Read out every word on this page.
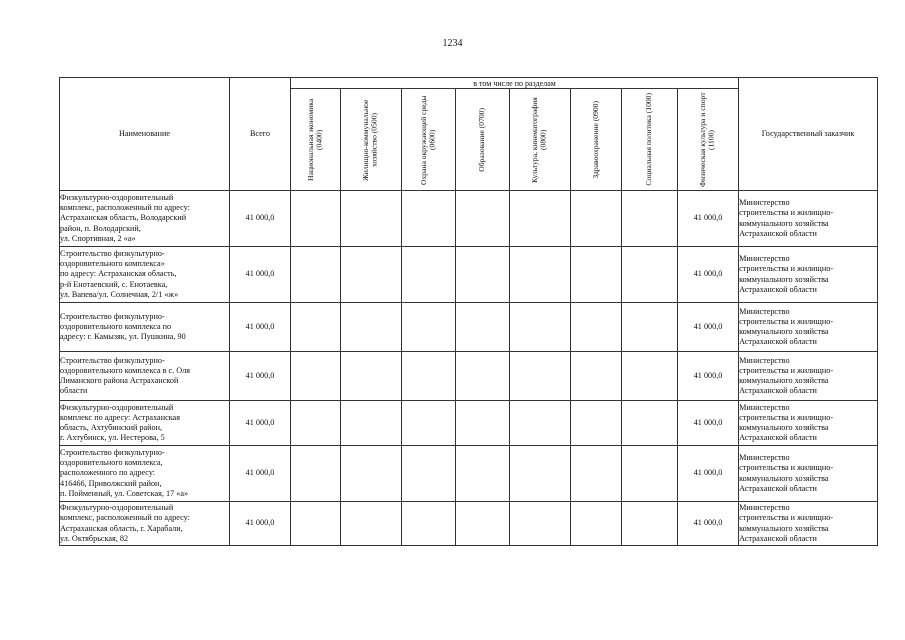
1234
Наименование	Всего	в том числе по разделам								Государственный заказчик

		Национальная экономика (0400)	Жилищно-коммунальное хозяйство (0500)	Охрана окружающей среды (0600)	Образование (0700)	Культура, кинематография (0800)	Здравоохранение (0900)	Социальная политика (1000)	Физическая культура и спорт (1100)	

Физкультурно-оздоровительный
комплекс, расположенный по адресу:
Астраханская область, Володарский
район, п. Володарский,
ул. Спортивная, 2 «а»	41 000,0								41 000,0	Министерство
строительства и жилищно-
коммунального хозяйства
Астраханской области
Строительство физкультурно-
оздоровительного комплекса»
по адресу: Астраханская область,
р-й Енотаевский, с. Енотаевка,
ул. Вапева/ул. Солнечная, 2/1 «ж»	41 000,0								41 000,0	Министерство
строительства и жилищно-
коммунального хозяйства
Астраханской области
Строительство физкультурно-
оздоровительного комплекса по
адресу: г. Камызяк, ул. Пушкина, 90	41 000,0								41 000,0	Министерство
строительства и жилищно-
коммунального хозяйства
Астраханской области
Строительство физкультурно-
оздоровительного комплекса в с. Оля
Лиманского района Астраханской
области	41 000,0								41 000,0	Министерство
строительства и жилищно-
коммунального хозяйства
Астраханской области
Физкультурно-оздоровительный
комплекс по адресу: Астраханская
область, Ахтубинский район,
г. Ахтубинск, ул. Нестерова, 5	41 000,0								41 000,0	Министерство
строительства и жилищно-
коммунального хозяйства
Астраханской области
Строительство физкультурно-
оздоровительного комплекса,
расположенного по адресу:
416466, Приволжский район,
п. Пойменный, ул. Советская, 17 «а»	41 000,0								41 000,0	Министерство
строительства и жилищно-
коммунального хозяйства
Астраханской области
Физкультурно-оздоровительный
комплекс, расположенный по адресу:
Астраханская область, г. Харабали,
ул. Октябрьская, 82	41 000,0								41 000,0	Министерство
строительства и жилищно-
коммунального хозяйства
Астраханской области
